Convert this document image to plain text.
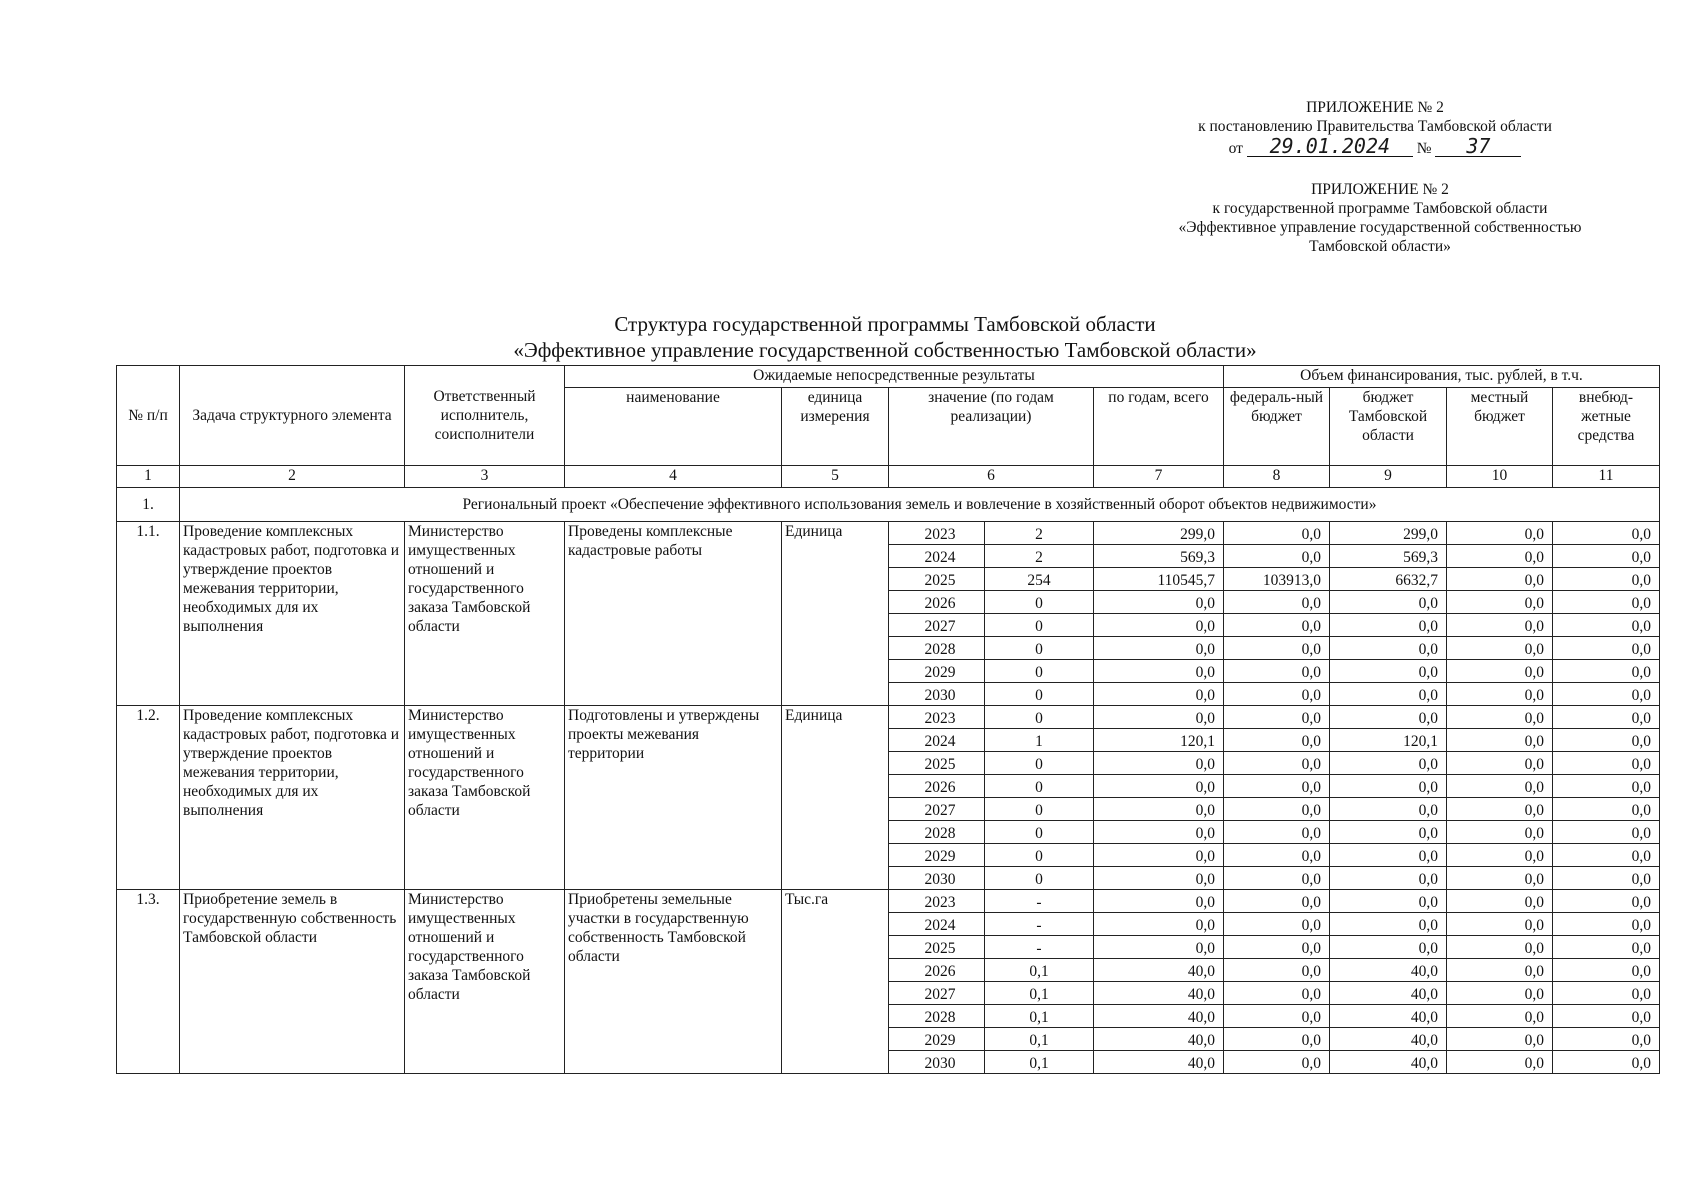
ПРИЛОЖЕНИЕ № 2
к постановлению Правительства Тамбовской области
от 29.01.2024 № 37
ПРИЛОЖЕНИЕ № 2
к государственной программе Тамбовской области
«Эффективное управление государственной собственностью
Тамбовской области»
Структура государственной программы Тамбовской области
«Эффективное управление государственной собственностью Тамбовской области»
№ п/п	Задача структурного элемента	Ответственный исполнитель, соисполнители	Ожидаемые непосредственные результаты					Объем финансирования, тыс. рублей, в т.ч.			
			наименование	единица измерения	значение (по годам реализации)		по годам, всего	федераль-ный бюджет	бюджет Тамбовской области	местный бюджет	внебюд-жетные средства
1	2	3	4	5	6		7	8	9	10	11
1.	Региональный проект «Обеспечение эффективного использования земель и вовлечение в хозяйственный оборот объектов недвижимости»										
1.1.	Проведение комплексных кадастровых работ, подготовка и утверждение проектов межевания территории, необходимых для их выполнения	Министерство имущественных отношений и государственного заказа Тамбовской области	Проведены комплексные кадастровые работы	Единица	2023	2	299,0	0,0	299,0	0,0	0,0
					2024	2	569,3	0,0	569,3	0,0	0,0
					2025	254	110545,7	103913,0	6632,7	0,0	0,0
					2026	0	0,0	0,0	0,0	0,0	0,0
					2027	0	0,0	0,0	0,0	0,0	0,0
					2028	0	0,0	0,0	0,0	0,0	0,0
					2029	0	0,0	0,0	0,0	0,0	0,0
					2030	0	0,0	0,0	0,0	0,0	0,0
1.2.	Проведение комплексных кадастровых работ, подготовка и утверждение проектов межевания территории, необходимых для их выполнения	Министерство имущественных отношений и государственного заказа Тамбовской области	Подготовлены и утверждены проекты межевания территории	Единица	2023	0	0,0	0,0	0,0	0,0	0,0
					2024	1	120,1	0,0	120,1	0,0	0,0
					2025	0	0,0	0,0	0,0	0,0	0,0
					2026	0	0,0	0,0	0,0	0,0	0,0
					2027	0	0,0	0,0	0,0	0,0	0,0
					2028	0	0,0	0,0	0,0	0,0	0,0
					2029	0	0,0	0,0	0,0	0,0	0,0
					2030	0	0,0	0,0	0,0	0,0	0,0
1.3.	Приобретение земель в государственную собственность Тамбовской области	Министерство имущественных отношений и государственного заказа Тамбовской области	Приобретены земельные участки в государственную собственность Тамбовской области	Тыс.га	2023	-	0,0	0,0	0,0	0,0	0,0
					2024	-	0,0	0,0	0,0	0,0	0,0
					2025	-	0,0	0,0	0,0	0,0	0,0
					2026	0,1	40,0	0,0	40,0	0,0	0,0
					2027	0,1	40,0	0,0	40,0	0,0	0,0
					2028	0,1	40,0	0,0	40,0	0,0	0,0
					2029	0,1	40,0	0,0	40,0	0,0	0,0
					2030	0,1	40,0	0,0	40,0	0,0	0,0
